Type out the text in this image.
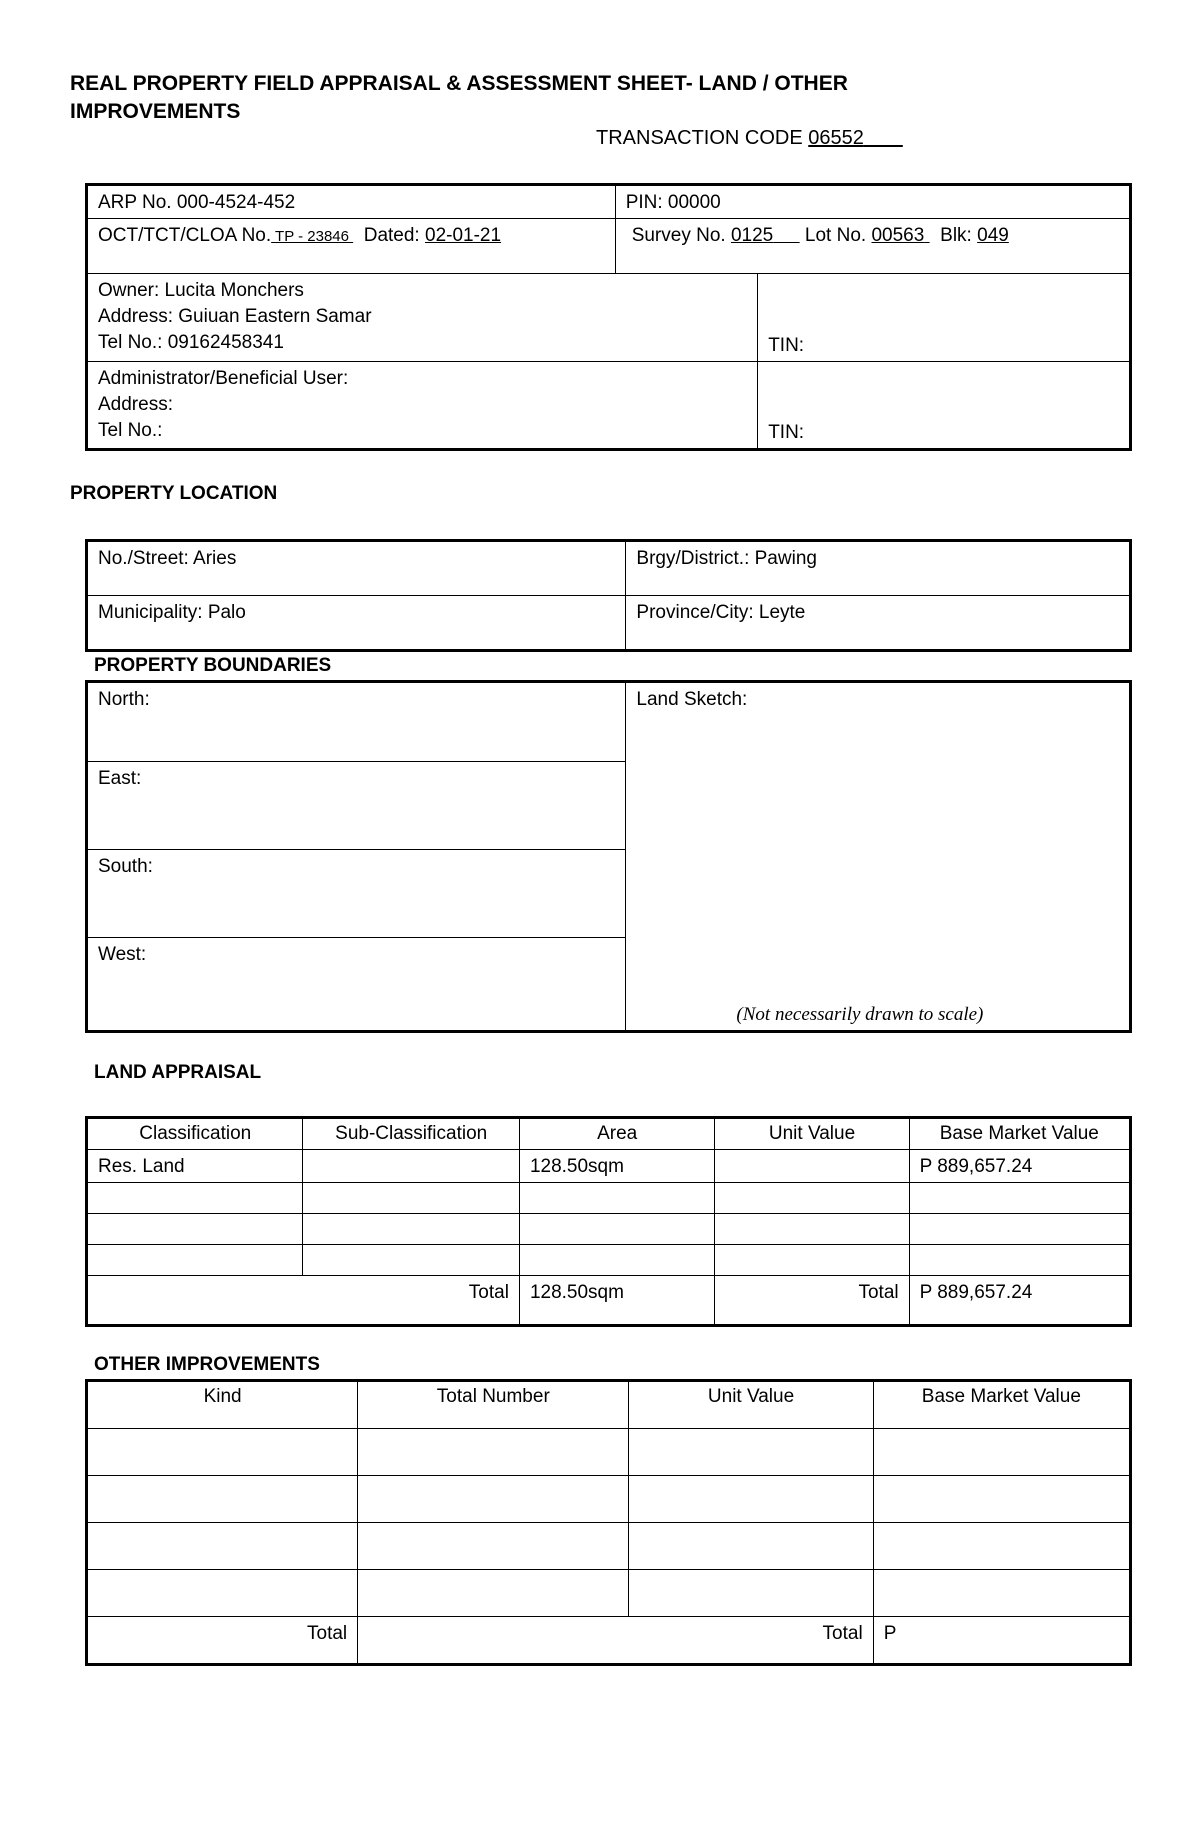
REAL PROPERTY FIELD APPRAISAL & ASSESSMENT SHEET- LAND / OTHER IMPROVEMENTS
TRANSACTION CODE 06552
ARP No. 000-4524-452	PIN: 00000	
OCT/TCT/CLOA No. TP - 23846 Dated: 02-01-21	Survey No. 0125 Lot No. 00563 Blk: 049	

Owner: Lucita Monchers
Address: Guiuan Eastern Samar
Tel No.: 09162458341		TIN:

Administrator/Beneficial User:
Address:
Tel No.:		TIN:
PROPERTY LOCATION
No./Street: Aries	Brgy/District.: Pawing
Municipality: Palo	Province/City: Leyte
PROPERTY BOUNDARIES
North:	Land Sketch:
(Not necessarily drawn to scale)

East:
South:
West:
LAND APPRAISAL
Classification	Sub-Classification	Area	Unit Value	Base Market Value
Res. Land		128.50sqm		P 889,657.24

Total		128.50sqm	Total	P 889,657.24
OTHER IMPROVEMENTS
Kind	Total Number	Unit Value	Base Market Value

Total	Total		P
